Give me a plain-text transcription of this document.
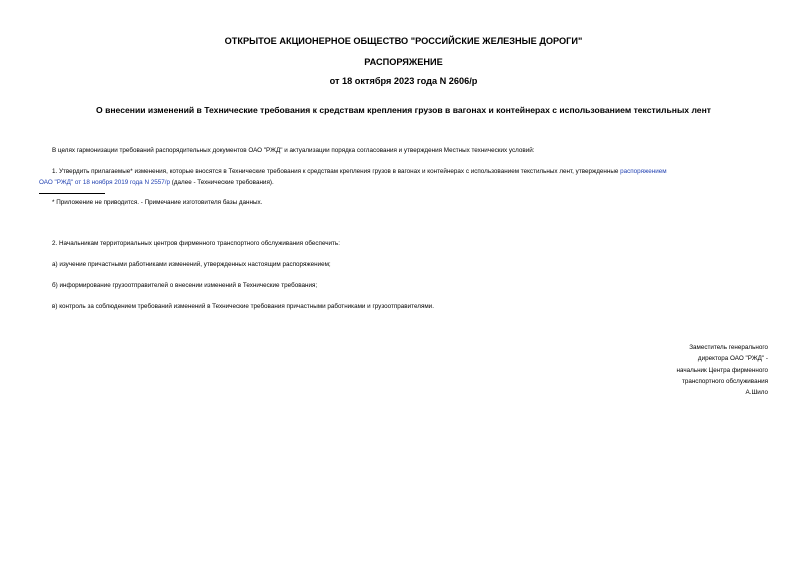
ОТКРЫТОЕ АКЦИОНЕРНОЕ ОБЩЕСТВО "РОССИЙСКИЕ ЖЕЛЕЗНЫЕ ДОРОГИ"
РАСПОРЯЖЕНИЕ
от 18 октября 2023 года N 2606/р
О внесении изменений в Технические требования к средствам крепления грузов в вагонах и контейнерах с использованием текстильных лент
В целях гармонизации требований распорядительных документов ОАО "РЖД" и актуализации порядка согласования и утверждения Местных технических условий:
1. Утвердить прилагаемые* изменения, которые вносятся в Технические требования к средствам крепления грузов в вагонах и контейнерах с использованием текстильных лент, утвержденные распоряжением
ОАО "РЖД" от 18 ноября 2019 года N 2557/р (далее - Технические требования).
* Приложение не приводится. - Примечание изготовителя базы данных.
2. Начальникам территориальных центров фирменного транспортного обслуживания обеспечить:
а) изучение причастными работниками изменений, утвержденных настоящим распоряжением;
б) информирование грузоотправителей о внесении изменений в Технические требования;
в) контроль за соблюдением требований изменений в Технические требования причастными работниками и грузоотправителями.
Заместитель генерального
директора ОАО "РЖД" -
начальник Центра фирменного
транспортного обслуживания
А.Шило
